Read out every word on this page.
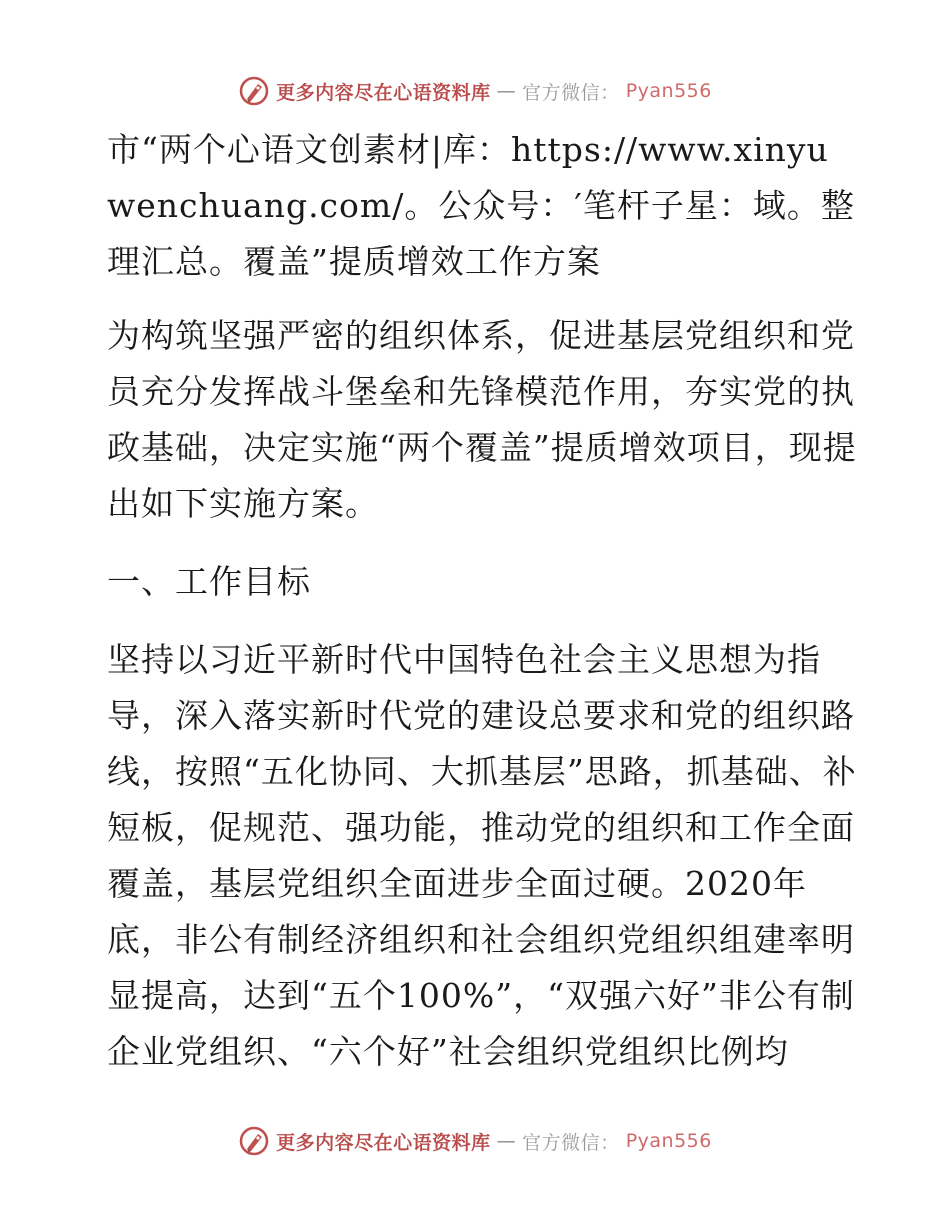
更多内容尽在心语资料库 — 官方微信： Pyan556

市“两个心语文创素材|库：https://www.xinyuwenchuang.com/。公众号：′笔杆子星：域。整理汇总。覆盖”提质增效工作方案

为构筑坚强严密的组织体系，促进基层党组织和党员充分发挥战斗堡垒和先锋模范作用，夯实党的执政基础，决定实施“两个覆盖”提质增效项目，现提出如下实施方案。

一、工作目标

坚持以习近平新时代中国特色社会主义思想为指导，深入落实新时代党的建设总要求和党的组织路线，按照“五化协同、大抓基层”思路，抓基础、补短板，促规范、强功能，推动党的组织和工作全面覆盖，基层党组织全面进步全面过硬。2020年底，非公有制经济组织和社会组织党组织组建率明显提高，达到“五个100%”，“双强六好”非公有制企业党组织、“六个好”社会组织党组织比例均

更多内容尽在心语资料库 — 官方微信： Pyan556
